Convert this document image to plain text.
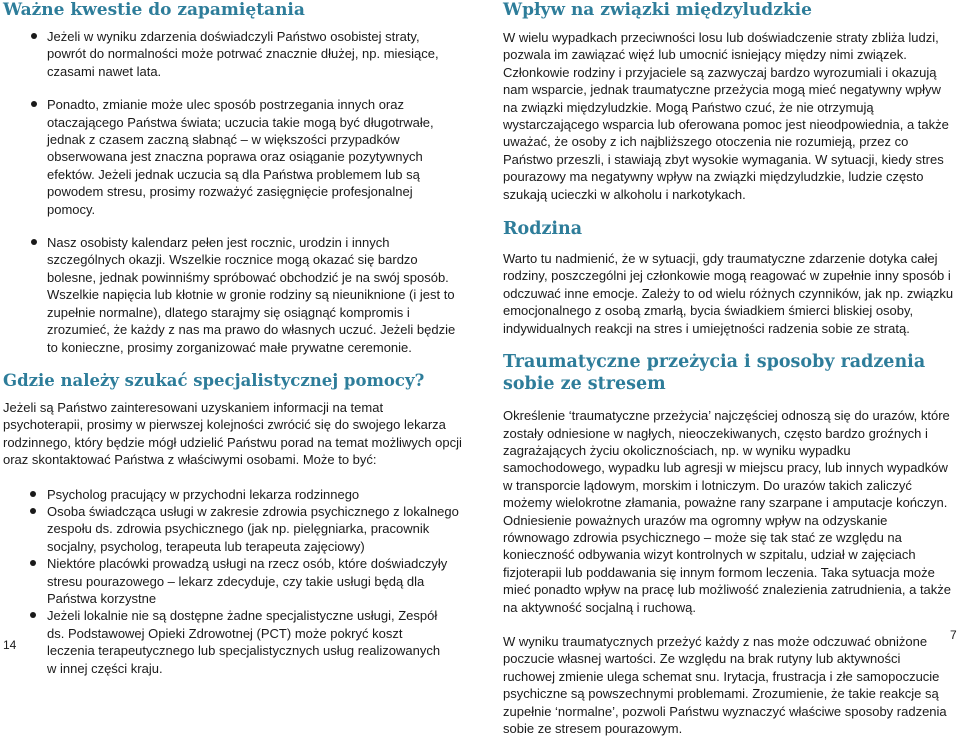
Ważne kwestie do zapamiętania
Jeżeli w wyniku zdarzenia doświadczyli Państwo osobistej straty, powrót do normalności może potrwać znacznie dłużej, np. miesiące, czasami nawet lata.
Ponadto, zmianie może ulec sposób postrzegania innych oraz otaczającego Państwa świata; uczucia takie mogą być długotrwałe, jednak z czasem zaczną słabnąć – w większości przypadków obserwowana jest znaczna poprawa oraz osiąganie pozytywnych efektów. Jeżeli jednak uczucia są dla Państwa problemem lub są powodem stresu, prosimy rozważyć zasięgnięcie profesjonalnej pomocy.
Nasz osobisty kalendarz pełen jest rocznic, urodzin i innych szczególnych okazji. Wszelkie rocznice mogą okazać się bardzo bolesne, jednak powinniśmy spróbować obchodzić je na swój sposób. Wszelkie napięcia lub kłotnie w gronie rodziny są nieuniknione (i jest to zupełnie normalne), dlatego starajmy się osiągnąć kompromis i zrozumieć, że każdy z nas ma prawo do własnych uczuć. Jeżeli będzie to konieczne, prosimy zorganizować małe prywatne ceremonie.
Gdzie należy szukać specjalistycznej pomocy?

Jeżeli są Państwo zainteresowani uzyskaniem informacji na temat psychoterapii, prosimy w pierwszej kolejności zwrócić się do swojego lekarza rodzinnego, który będzie mógł udzielić Państwu porad na temat możliwych opcji oraz skontaktować Państwa z właściwymi osobami. Może to być:

Psycholog pracujący w przychodni lekarza rodzinnego
Osoba świadcząca usługi w zakresie zdrowia psychicznego z lokalnego zespołu ds. zdrowia psychicznego (jak np. pielęgniarka, pracownik socjalny, psycholog, terapeuta lub terapeuta zajęciowy)
Niektóre placówki prowadzą usługi na rzecz osób, które doświadczyły stresu pourazowego – lekarz zdecyduje, czy takie usługi będą dla Państwa korzystne
Jeżeli lokalnie nie są dostępne żadne specjalistyczne usługi, Zespół ds. Podstawowej Opieki Zdrowotnej (PCT) może pokryć koszt leczenia terapeutycznego lub specjalistycznych usług realizowanych w innej części kraju.
14
Wpływ na związki międzyludzkie

W wielu wypadkach przeciwności losu lub doświadczenie straty zbliża ludzi, pozwala im zawiązać więź lub umocnić isniejący między nimi związek. Członkowie rodziny i przyjaciele są zazwyczaj bardzo wyrozumiali i okazują nam wsparcie, jednak traumatyczne przeżycia mogą mieć negatywny wpływ na związki międzyludzkie. Mogą Państwo czuć, że nie otrzymują wystarczającego wsparcia lub oferowana pomoc jest nieodpowiednia, a także uważać, że osoby z ich najbliższego otoczenia nie rozumieją, przez co Państwo przeszli, i stawiają zbyt wysokie wymagania. W sytuacji, kiedy stres pourazowy ma negatywny wpływ na związki międzyludzkie, ludzie często szukają ucieczki w alkoholu i narkotykach.

Rodzina

Warto tu nadmienić, że w sytuacji, gdy traumatyczne zdarzenie dotyka całej rodziny, poszczególni jej członkowie mogą reagować w zupełnie inny sposób i odczuwać inne emocje. Zależy to od wielu różnych czynników, jak np. związku emocjonalnego z osobą zmarłą, bycia świadkiem śmierci bliskiej osoby, indywidualnych reakcji na stres i umiejętności radzenia sobie ze stratą.

Traumatyczne przeżycia i sposoby radzenia sobie ze stresem

Określenie ‘traumatyczne przeżycia’ najczęściej odnoszą się do urazów, które zostały odniesione w nagłych, nieoczekiwanych, często bardzo groźnych i zagrażających życiu okolicznościach, np. w wyniku wypadku samochodowego, wypadku lub agresji w miejscu pracy, lub innych wypadków w transporcie lądowym, morskim i lotniczym. Do urazów takich zaliczyć możemy wielokrotne złamania, poważne rany szarpane i amputacje kończyn. Odniesienie poważnych urazów ma ogromny wpływ na odzyskanie równowago zdrowia psychicznego – może się tak stać ze względu na konieczność odbywania wizyt kontrolnych w szpitalu, udział w zajęciach fizjoterapii lub poddawania się innym formom leczenia. Taka sytuacja może mieć ponadto wpływ na pracę lub możliwość znalezienia zatrudnienia, a także na aktywność socjalną i ruchową.

W wyniku traumatycznych przeżyć każdy z nas może odczuwać obniżone poczucie własnej wartości. Ze względu na brak rutyny lub aktywności ruchowej zmienie ulega schemat snu. Irytacja, frustracja i złe samopoczucie psychiczne są powszechnymi problemami. Zrozumienie, że takie reakcje są zupełnie ‘normalne’, pozwoli Państwu wyznaczyć właściwe sposoby radzenia sobie ze stresem pourazowym.

7
